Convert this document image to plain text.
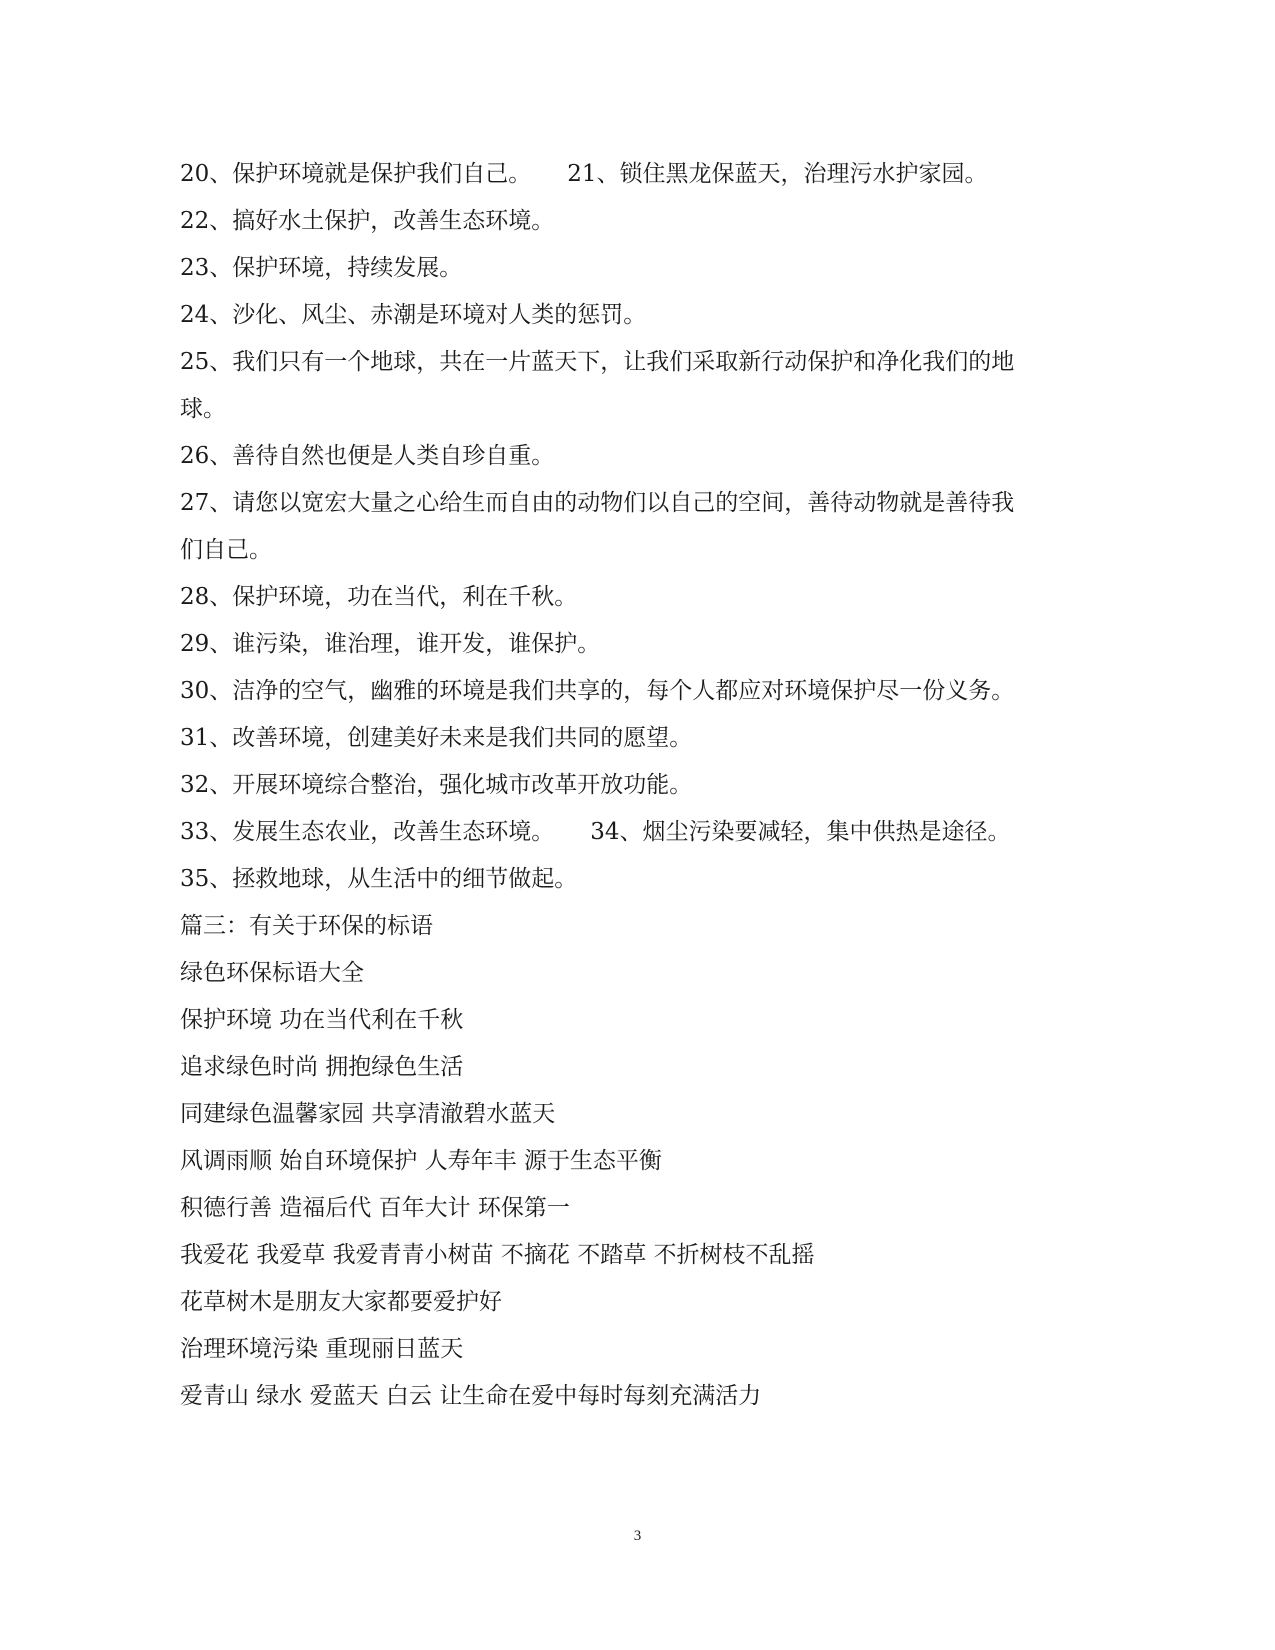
20、保护环境就是保护我们自己。 21、锁住黑龙保蓝天，治理污水护家园。
22、搞好水土保护，改善生态环境。
23、保护环境，持续发展。
24、沙化、风尘、赤潮是环境对人类的惩罚。
25、我们只有一个地球，共在一片蓝天下，让我们采取新行动保护和净化我们的地
球。
26、善待自然也便是人类自珍自重。
27、请您以宽宏大量之心给生而自由的动物们以自己的空间，善待动物就是善待我
们自己。
28、保护环境，功在当代，利在千秋。
29、谁污染，谁治理，谁开发，谁保护。
30、洁净的空气，幽雅的环境是我们共享的，每个人都应对环境保护尽一份义务。
31、改善环境，创建美好未来是我们共同的愿望。
32、开展环境综合整治，强化城市改革开放功能。
33、发展生态农业，改善生态环境。 34、烟尘污染要减轻，集中供热是途径。
35、拯救地球，从生活中的细节做起。
篇三：有关于环保的标语
绿色环保标语大全
保护环境 功在当代利在千秋
追求绿色时尚 拥抱绿色生活
同建绿色温馨家园 共享清澈碧水蓝天
风调雨顺 始自环境保护 人寿年丰 源于生态平衡
积德行善 造福后代 百年大计 环保第一
我爱花 我爱草 我爱青青小树苗 不摘花 不踏草 不折树枝不乱摇
花草树木是朋友大家都要爱护好
治理环境污染 重现丽日蓝天
爱青山 绿水 爱蓝天 白云 让生命在爱中每时每刻充满活力
3
